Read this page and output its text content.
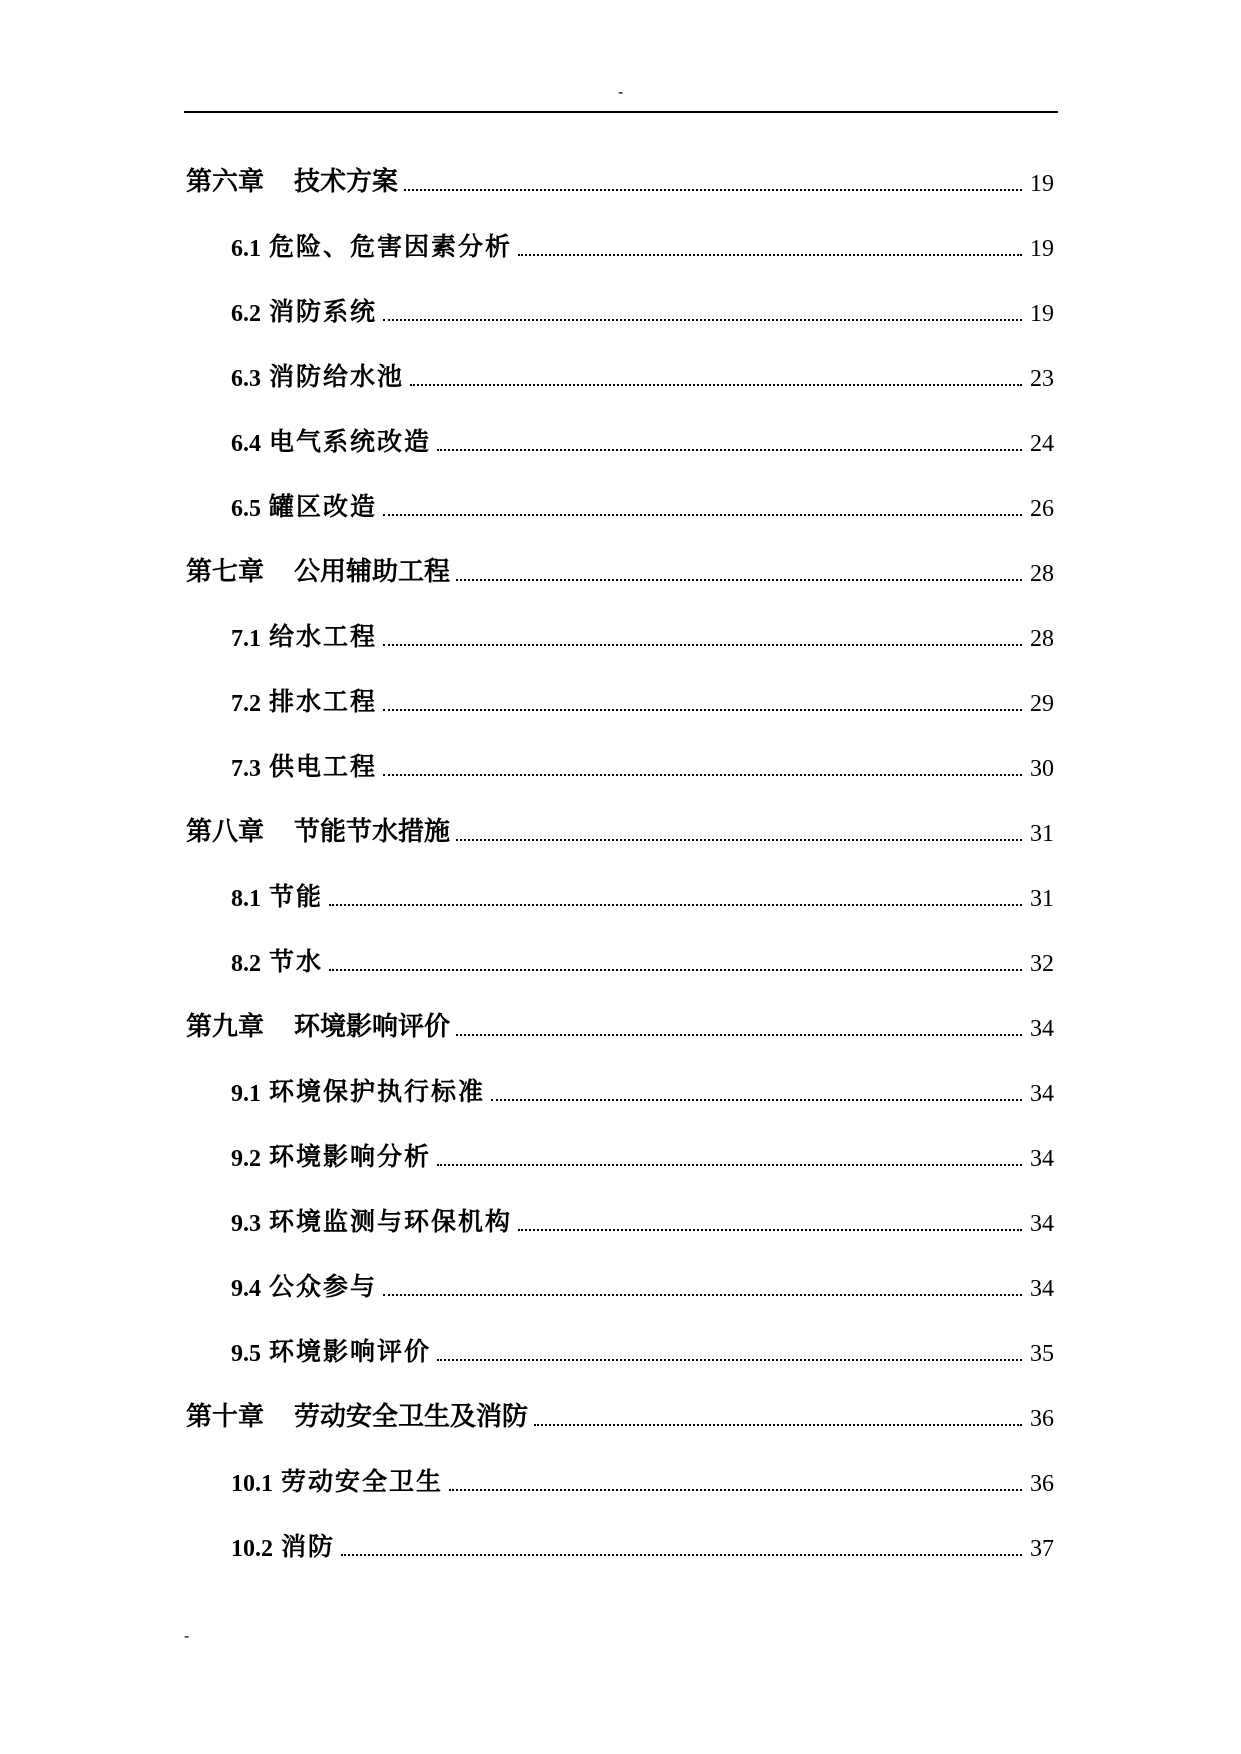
-
第六章 技术方案	19
6.1 危险、危害因素分析	19
6.2 消防系统	19
6.3 消防给水池	23
6.4 电气系统改造	24
6.5 罐区改造	26
第七章 公用辅助工程	28
7.1 给水工程	28
7.2 排水工程	29
7.3 供电工程	30
第八章 节能节水措施	31
8.1 节能	31
8.2 节水	32
第九章 环境影响评价	34
9.1 环境保护执行标准	34
9.2 环境影响分析	34
9.3 环境监测与环保机构	34
9.4 公众参与	34
9.5 环境影响评价	35
第十章 劳动安全卫生及消防	36
10.1 劳动安全卫生	36
10.2 消防	37
-
